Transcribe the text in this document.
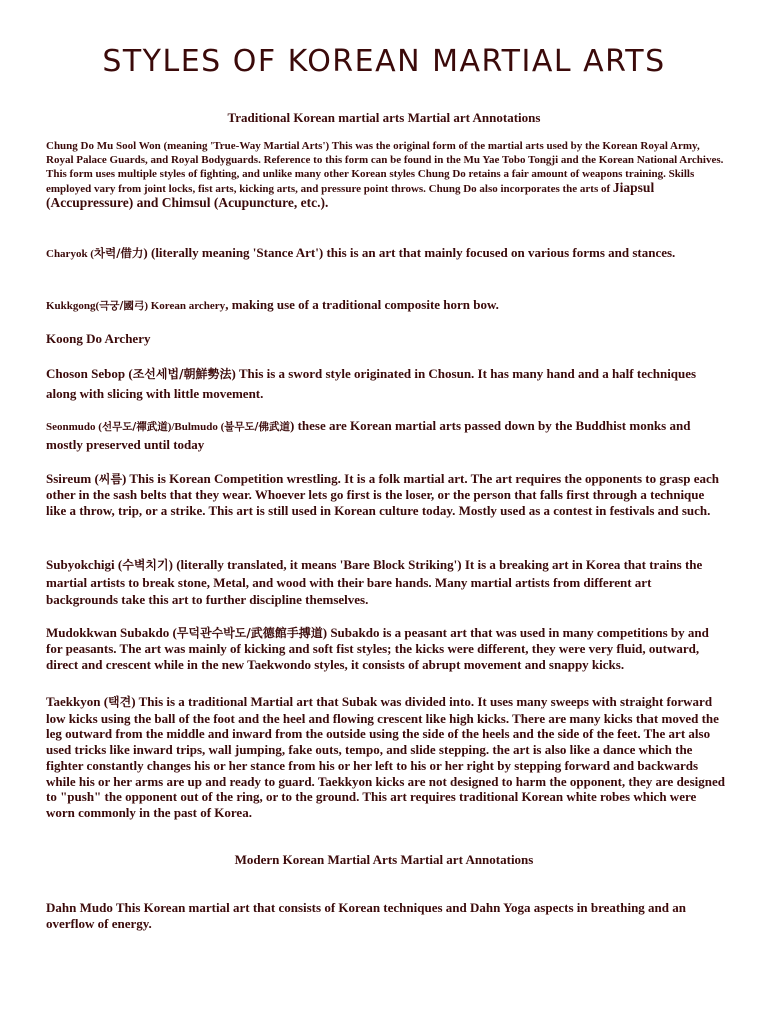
STYLES OF KOREAN MARTIAL ARTS
Traditional Korean martial arts Martial art Annotations

Chung Do Mu Sool Won (meaning 'True-Way Martial Arts') This was the original form of the martial arts used by the Korean Royal Army, Royal Palace Guards, and Royal Bodyguards. Reference to this form can be found in the Mu Yae Tobo Tongji and the Korean National Archives. This form uses multiple styles of fighting, and unlike many other Korean styles Chung Do retains a fair amount of weapons training. Skills employed vary from joint locks, fist arts, kicking arts, and pressure point throws. Chung Do also incorporates the arts of Jiapsul (Accupressure) and Chimsul (Acupuncture, etc.).

Charyok (차력/借力) (literally meaning 'Stance Art') this is an art that mainly focused on various forms and stances.

Kukkgong(극궁/國弓) Korean archery, making use of a traditional composite horn bow.

Koong Do Archery

Choson Sebop (조선세법/朝鮮勢法) This is a sword style originated in Chosun. It has many hand and a half techniques along with slicing with little movement.

Seonmudo (선무도/禪武道)/Bulmudo (불무도/佛武道) these are Korean martial arts passed down by the Buddhist monks and mostly preserved until today

Ssireum (씨름) This is Korean Competition wrestling. It is a folk martial art. The art requires the opponents to grasp each other in the sash belts that they wear. Whoever lets go first is the loser, or the person that falls first through a technique like a throw, trip, or a strike. This art is still used in Korean culture today. Mostly used as a contest in festivals and such.

Subyokchigi (수벽치기) (literally translated, it means 'Bare Block Striking') It is a breaking art in Korea that trains the martial artists to break stone, Metal, and wood with their bare hands. Many martial artists from different art backgrounds take this art to further discipline themselves.

Mudokkwan Subakdo (무덕관수박도/武德館手搏道) Subakdo is a peasant art that was used in many competitions by and for peasants. The art was mainly of kicking and soft fist styles; the kicks were different, they were very fluid, outward, direct and crescent while in the new Taekwondo styles, it consists of abrupt movement and snappy kicks.

Taekkyon (택견) This is a traditional Martial art that Subak was divided into. It uses many sweeps with straight forward low kicks using the ball of the foot and the heel and flowing crescent like high kicks. There are many kicks that moved the leg outward from the middle and inward from the outside using the side of the heels and the side of the feet. The art also used tricks like inward trips, wall jumping, fake outs, tempo, and slide stepping. the art is also like a dance which the fighter constantly changes his or her stance from his or her left to his or her right by stepping forward and backwards while his or her arms are up and ready to guard. Taekkyon kicks are not designed to harm the opponent, they are designed to "push" the opponent out of the ring, or to the ground. This art requires traditional Korean white robes which were worn commonly in the past of Korea.

Modern Korean Martial Arts Martial art Annotations

Dahn Mudo This Korean martial art that consists of Korean techniques and Dahn Yoga aspects in breathing and an overflow of energy.
